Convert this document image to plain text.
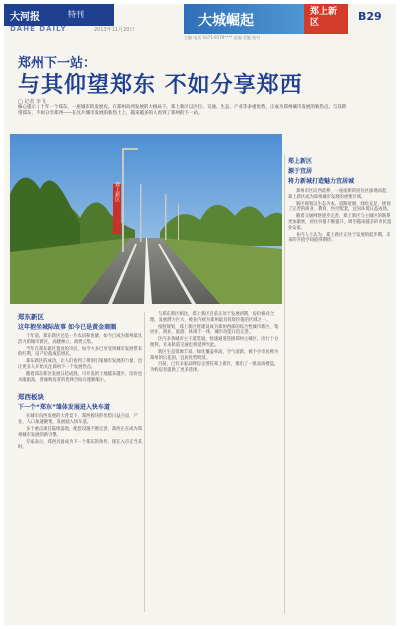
大河报	特刊
DAHE DAILY	2013年11月20日
大城崛起
郑上新区	B29
主编 电话 0371-6579**** 责编 美编 校对
郑州下一站：
与其仰望郑东 不如分享郑西
□ 记者 李飞
核心提示 | 十年一个郑东，一座城市的发展史。在郑州向西发展的大格局下，郑上新区以区位、交通、生态、产业等多重优势，正成为郑州城市发展的新热点。与其仰望郑东，不如分享郑西——在这片城市发展的新热土上，越来越多的人看到了郑州的下一站。
郑上新区
郑上新区
源于宜居
将力新城打造魅力宜居城

郑州市区向西延伸，一座座新的居住区拔地而起，郑上新区成为郑州城市发展的重要区域。

新区规划以生态为本，道路宽阔、绿化充足，规划了完善的商业、教育、医疗配套，宜居环境日益成熟。

随着交通网络逐步完善，郑上新区与主城区的联系更加紧密，居住价值不断提升，吸引越来越多的市民置业安家。

业内人士认为，郑上新区正处于发展的起步期，未来的升值空间值得期待。

郑东新区
这年抱坐城际故事 如今已是黄金商圈

十年前，郑东新区还是一片农田和鱼塘，如今已成为郑州最具活力的城市新区，高楼林立，商贾云集。

当年在郑东新区置业的市民，如今大多已享受到城市发展带来的红利，房产价值成倍增长。

郑东新区的成功，让人们看到了规划引领城市发展的力量，也让更多人开始关注郑州下一个发展热点。

随着郑东新区发展日趋成熟，可开发的土地越来越少，房价也水涨船高，普通购房者的选择空间在逐渐缩小。

郑西板块
下一个“郑东”雏体发展进入快车道

在城市向西发展的大背景下，郑西板块的优势日益凸显，产业、人口加速聚集，发展驶入快车道。

多个重点项目陆续落地，配套设施不断完善，郑西正在成为郑州城市发展的新引擎。

专家表示，郑西具备成为下一个郑东的条件，现在入市正当其时。

与郑东新区相比，郑上新区目前正处于发展初期，房价相对合理，发展潜力巨大，被业内视为郑州最具投资价值的区域之一。

按照规划，郑上新区将建设成为郑州西部的综合性城市新区，集居住、商业、旅游、休闲于一体，城市功能日趋完善。

区内多条城市主干道贯通，快速通道连接郑州主城区，出行十分便利，未来轨道交通也将延伸至此。

新区生态资源丰富，绿化覆盖率高，空气清新，被不少市民称为郑州的后花园，宜居优势明显。

目前，已有多家品牌房企进驻郑上新区，推出了一批品质楼盘，为购房者提供了更多选择。
